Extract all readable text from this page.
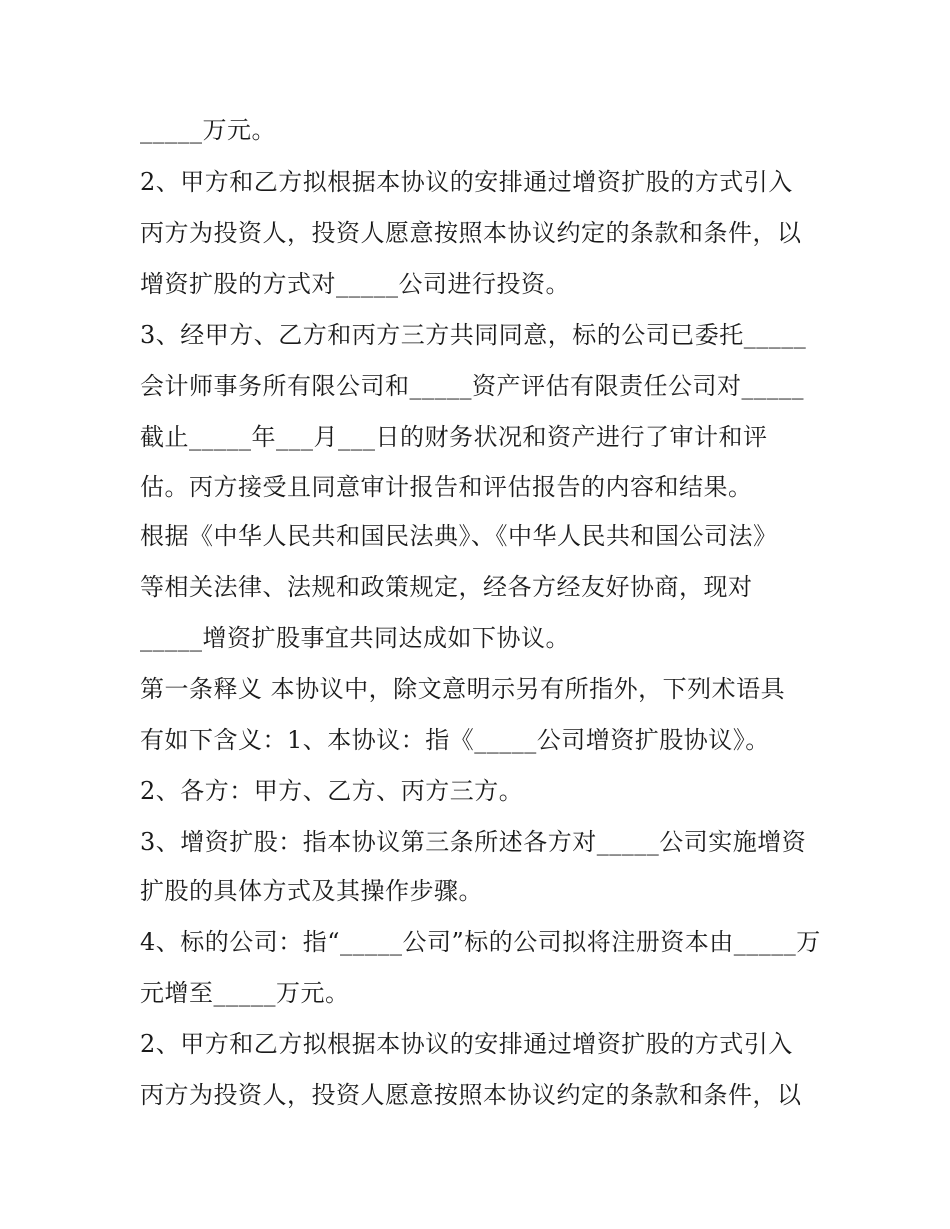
_____万元。
2、甲方和乙方拟根据本协议的安排通过增资扩股的方式引入
丙方为投资人，投资人愿意按照本协议约定的条款和条件，以
增资扩股的方式对_____公司进行投资。
3、经甲方、乙方和丙方三方共同同意，标的公司已委托_____
会计师事务所有限公司和_____资产评估有限责任公司对_____
截止_____年___月___日的财务状况和资产进行了审计和评
估。丙方接受且同意审计报告和评估报告的内容和结果。
根据《中华人民共和国民法典》、《中华人民共和国公司法》
等相关法律、法规和政策规定，经各方经友好协商，现对
_____增资扩股事宜共同达成如下协议。
第一条释义 本协议中，除文意明示另有所指外，下列术语具
有如下含义：1、本协议：指《_____公司增资扩股协议》。
2、各方：甲方、乙方、丙方三方。
3、增资扩股：指本协议第三条所述各方对_____公司实施增资
扩股的具体方式及其操作步骤。
4、标的公司：指“_____公司”标的公司拟将注册资本由_____万
元增至_____万元。
2、甲方和乙方拟根据本协议的安排通过增资扩股的方式引入
丙方为投资人，投资人愿意按照本协议约定的条款和条件，以
